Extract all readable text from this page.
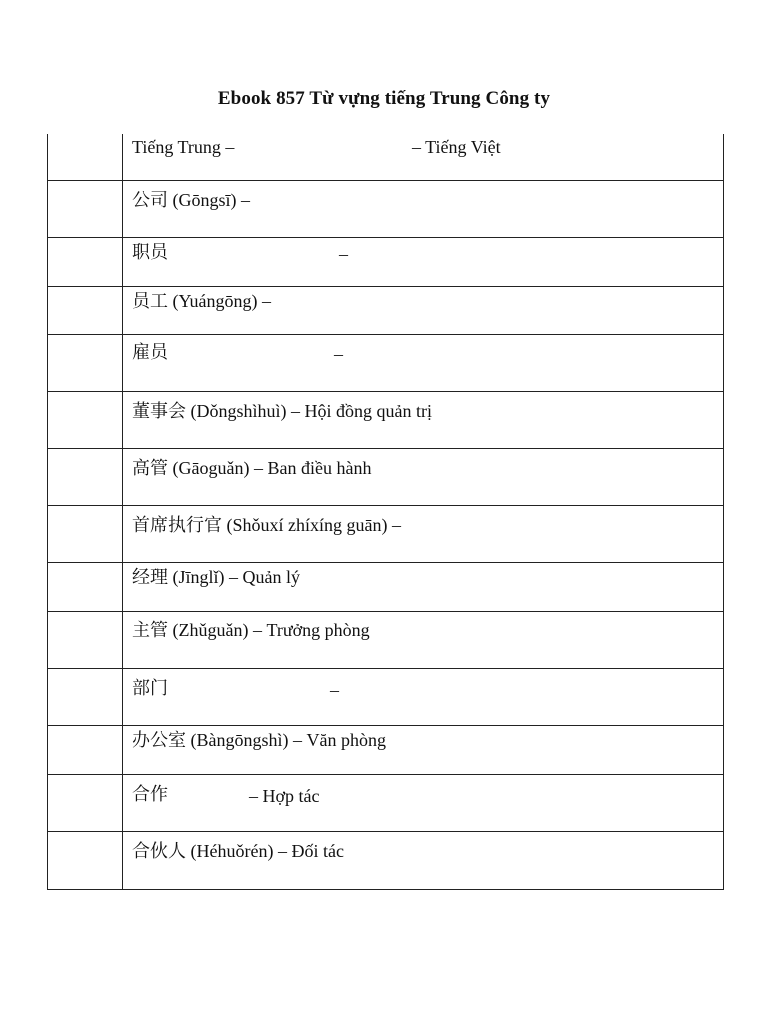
Ebook 857 Từ vựng tiếng Trung Công ty
Tiếng Trung –	– Tiếng Việt
公司 (Gōngsī) –
职员	–
员工 (Yuángōng) –
雇员	–
董事会 (Dǒngshìhuì) – Hội đồng quản trị
高管 (Gāoguǎn) – Ban điều hành
首席执行官 (Shǒuxí zhíxíng guān) –
经理 (Jīnglǐ) – Quản lý
主管 (Zhǔguǎn) – Trưởng phòng
部门	–
办公室 (Bàngōngshì) – Văn phòng
合作	– Hợp tác
合伙人 (Héhuǒrén) – Đối tác
